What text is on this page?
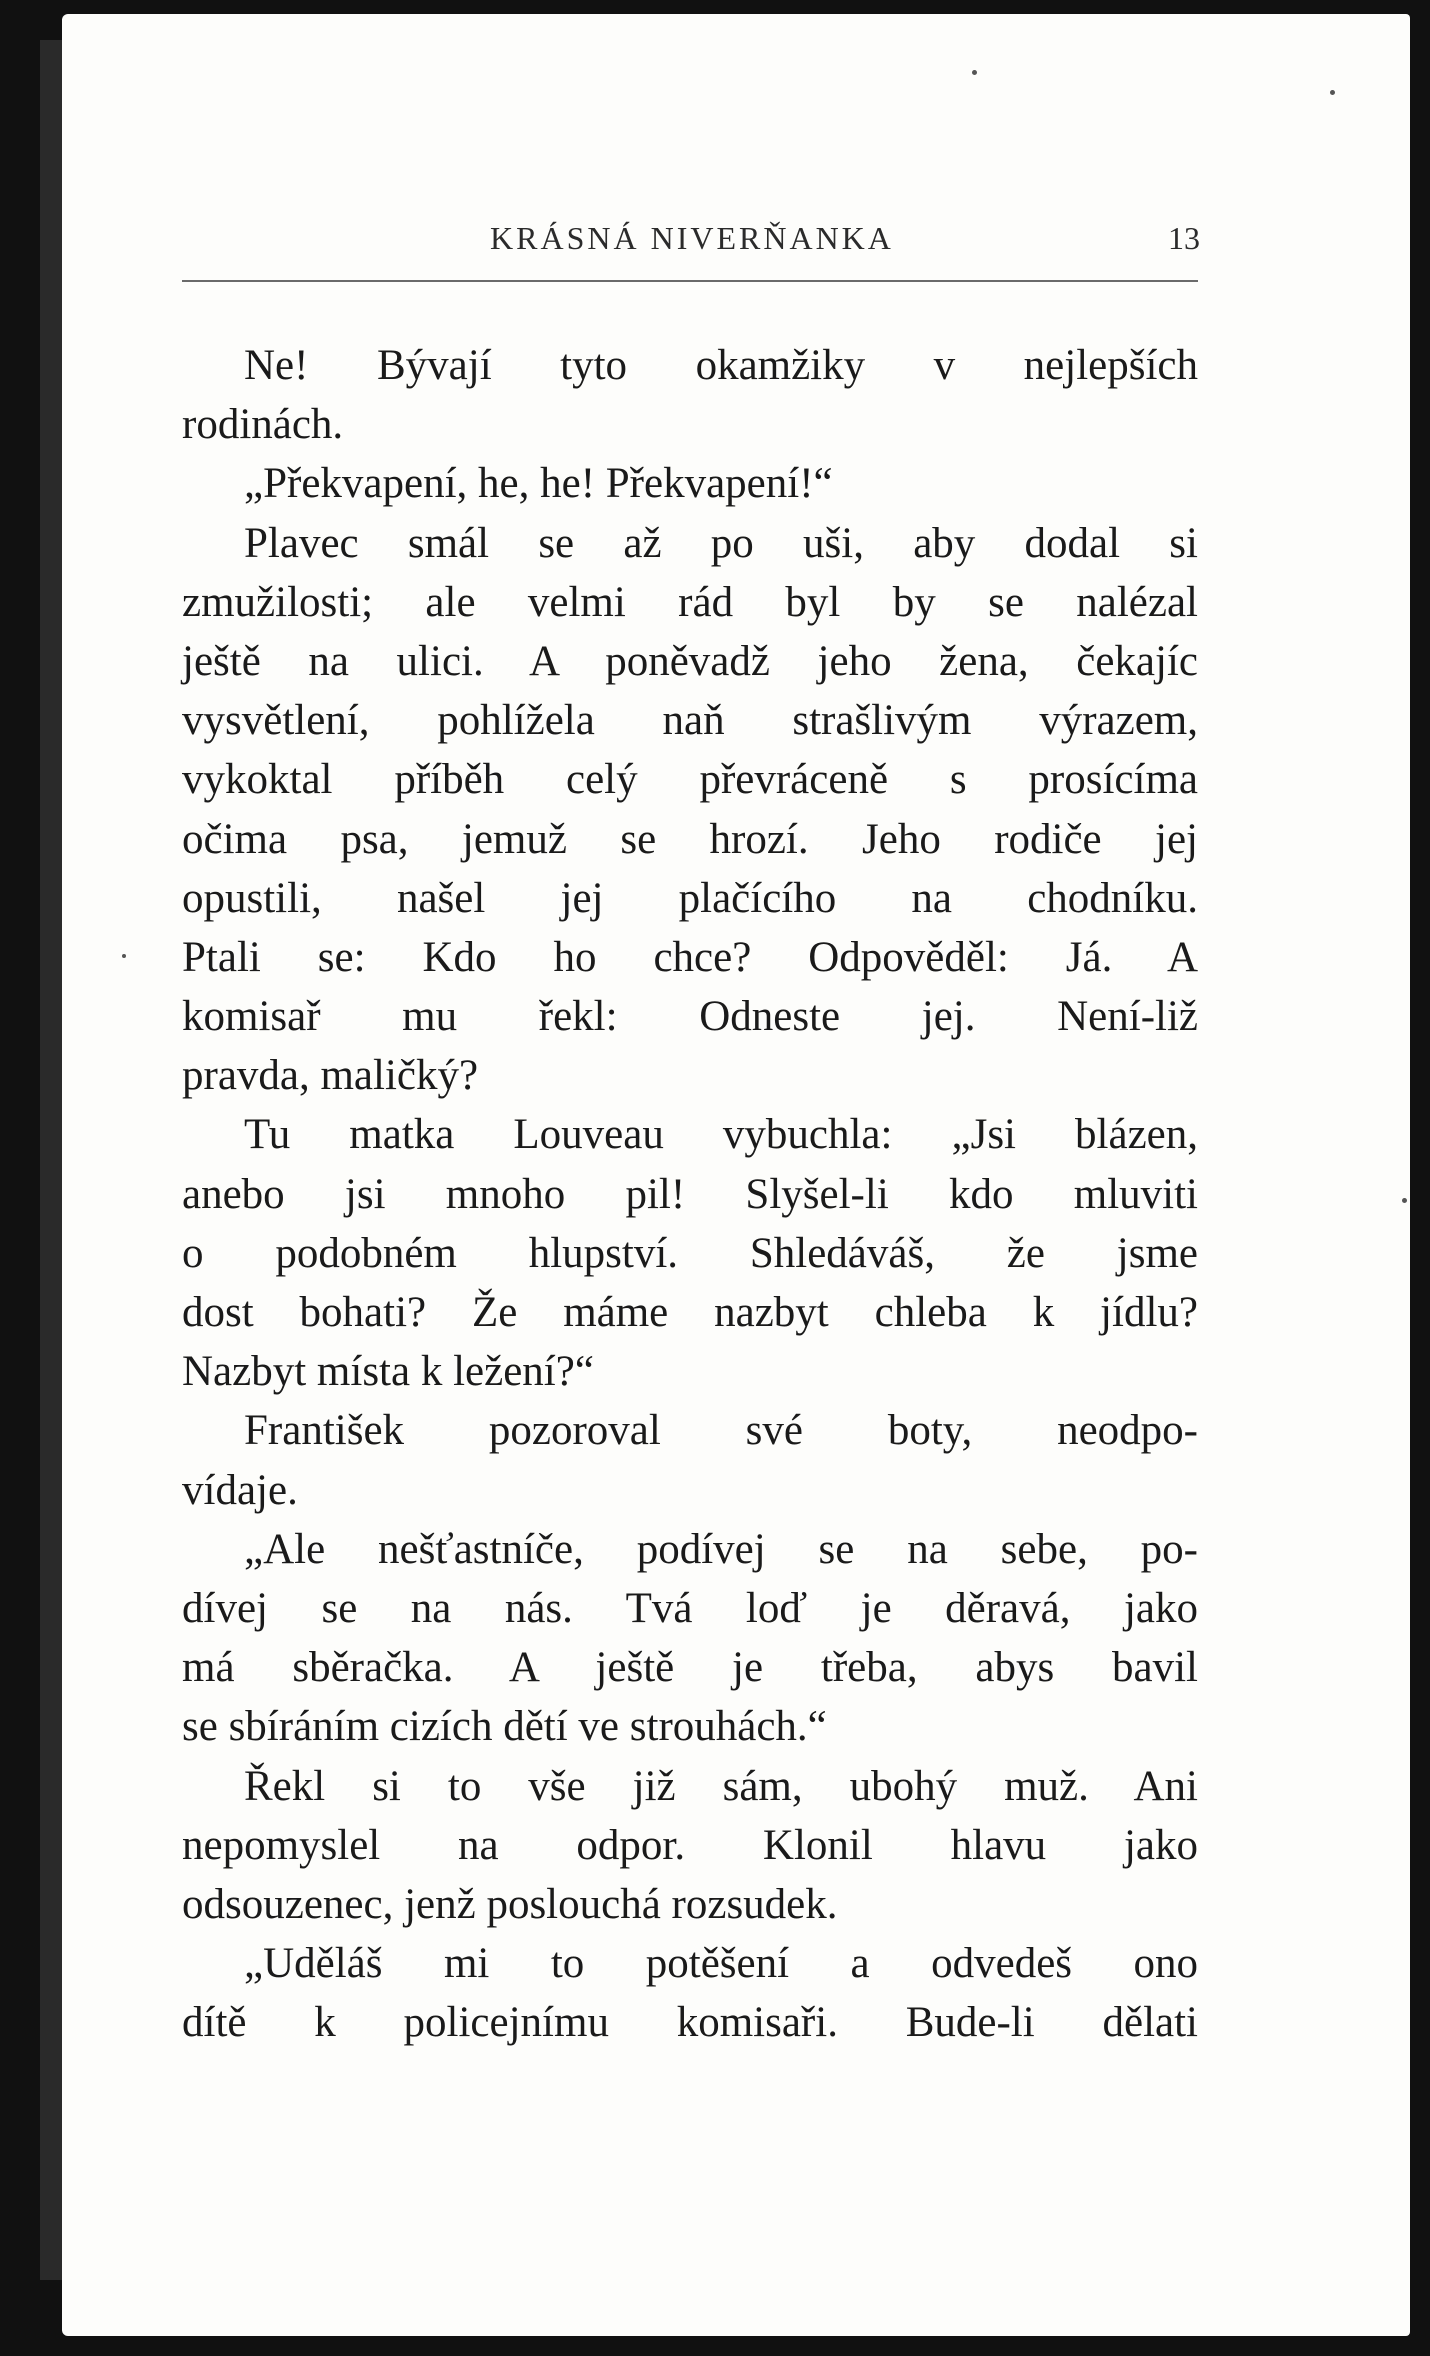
KRÁSNÁ NIVERŇANKA	13
Ne! Bývají tyto okamžiky v nejlepších
rodinách.
„Překvapení, he, he! Překvapení!“
Plavec smál se až po uši, aby dodal si
zmužilosti; ale velmi rád byl by se nalézal
ještě na ulici. A poněvadž jeho žena, čekajíc
vysvětlení, pohlížela naň strašlivým výrazem,
vykoktal příběh celý převráceně s prosícíma
očima psa, jemuž se hrozí. Jeho rodiče jej
opustili, našel jej plačícího na chodníku.
Ptali se: Kdo ho chce? Odpověděl: Já. A
komisař mu řekl: Odneste jej. Není-liž
pravda, maličký?
Tu matka Louveau vybuchla: „Jsi blázen,
anebo jsi mnoho pil! Slyšel-li kdo mluviti
o podobném hlupství. Shledáváš, že jsme
dost bohati? Že máme nazbyt chleba k jídlu?
Nazbyt místa k ležení?“
František pozoroval své boty, neodpo-
vídaje.
„Ale nešťastníče, podívej se na sebe, po-
dívej se na nás. Tvá loď je děravá, jako
má sběračka. A ještě je třeba, abys bavil
se sbíráním cizích dětí ve strouhách.“
Řekl si to vše již sám, ubohý muž. Ani
nepomyslel na odpor. Klonil hlavu jako
odsouzenec, jenž poslouchá rozsudek.
„Uděláš mi to potěšení a odvedeš ono
dítě k policejnímu komisaři. Bude-li dělati
